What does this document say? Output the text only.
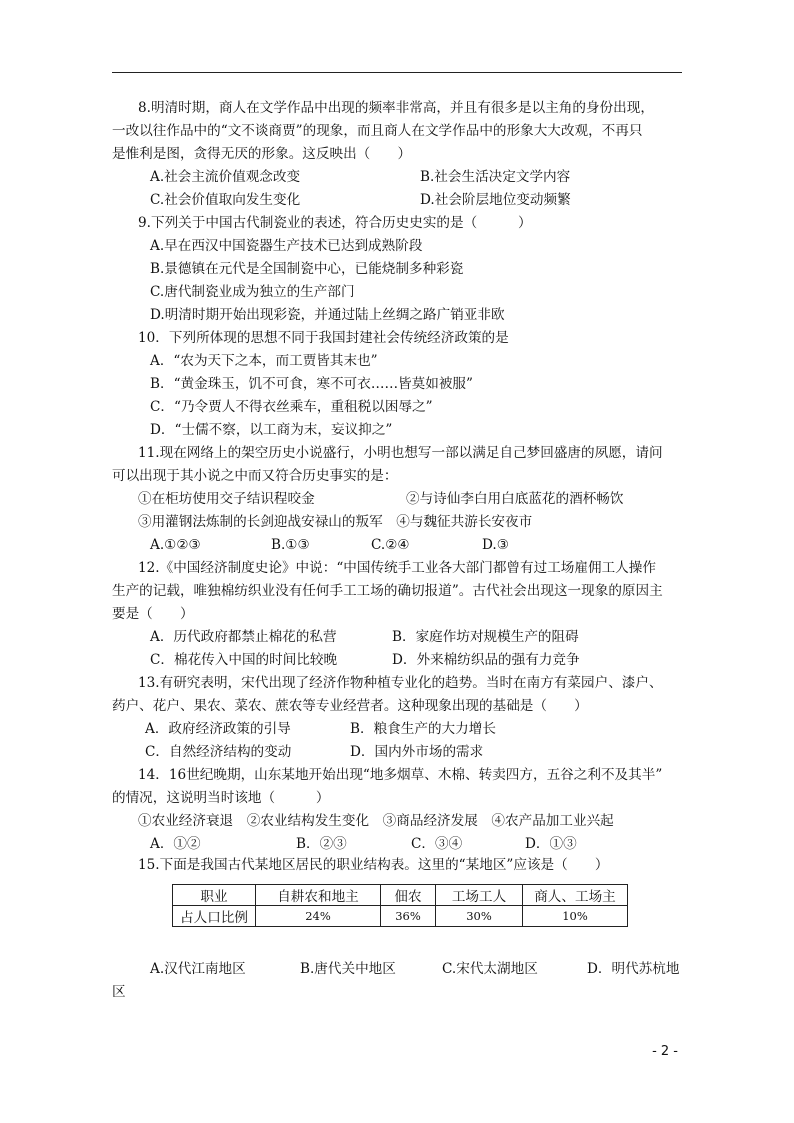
8.明清时期，商人在文学作品中出现的频率非常高，并且有很多是以主角的身份出现，
一改以往作品中的“文不谈商贾”的现象，而且商人在文学作品中的形象大大改观，不再只
是惟利是图，贪得无厌的形象。这反映出（　　）
A.社会主流价值观念改变	B.社会生活决定文学内容
C.社会价值取向发生变化	D.社会阶层地位变动频繁
9.下列关于中国古代制瓷业的表述，符合历史史实的是（　　　）
A.早在西汉中国瓷器生产技术已达到成熟阶段
B.景德镇在元代是全国制瓷中心，已能烧制多种彩瓷
C.唐代制瓷业成为独立的生产部门
D.明清时期开始出现彩瓷，并通过陆上丝绸之路广销亚非欧
10．下列所体现的思想不同于我国封建社会传统经济政策的是
A．“农为天下之本，而工贾皆其末也”
B．“黄金珠玉，饥不可食，寒不可衣……皆莫如被服”
C．“乃令贾人不得衣丝乘车，重租税以困辱之”
D．“士儒不察，以工商为末，妄议抑之”
11.现在网络上的架空历史小说盛行，小明也想写一部以满足自己梦回盛唐的夙愿，请问
可以出现于其小说之中而又符合历史事实的是：
①在柜坊使用交子结识程咬金	②与诗仙李白用白底蓝花的酒杯畅饮
③用灌钢法炼制的长剑迎战安禄山的叛军　④与魏征共游长安夜市
A.①②③	B.①③	C.②④	D.③
12.《中国经济制度史论》中说：“中国传统手工业各大部门都曾有过工场雇佣工人操作
生产的记载，唯独棉纺织业没有任何手工工场的确切报道”。古代社会出现这一现象的原因主
要是（　　）
A．历代政府都禁止棉花的私营	B．家庭作坊对规模生产的阻碍
C．棉花传入中国的时间比较晚	D．外来棉纺织品的强有力竞争
13.有研究表明，宋代出现了经济作物种植专业化的趋势。当时在南方有菜园户、漆户、
药户、花户、果农、菜农、蔗农等专业经营者。这种现象出现的基础是（　　）
A．政府经济政策的引导	B．粮食生产的大力增长
C．自然经济结构的变动	D．国内外市场的需求
14．16世纪晚期，山东某地开始出现“地多烟草、木棉、转卖四方，五谷之利不及其半”
的情况，这说明当时该地（　　　）
①农业经济衰退　②农业结构发生变化　③商品经济发展　④农产品加工业兴起
A．①②	B．②③	C．③④	D．①③
15.下面是我国古代某地区居民的职业结构表。这里的“某地区”应该是（　　）
职业	自耕农和地主	佃农	工场工人	商人、工场主
占人口比例	24%	36%	30%	10%
A.汉代江南地区	B.唐代关中地区	C.宋代太湖地区	D．明代苏杭地
区
- 2 -
